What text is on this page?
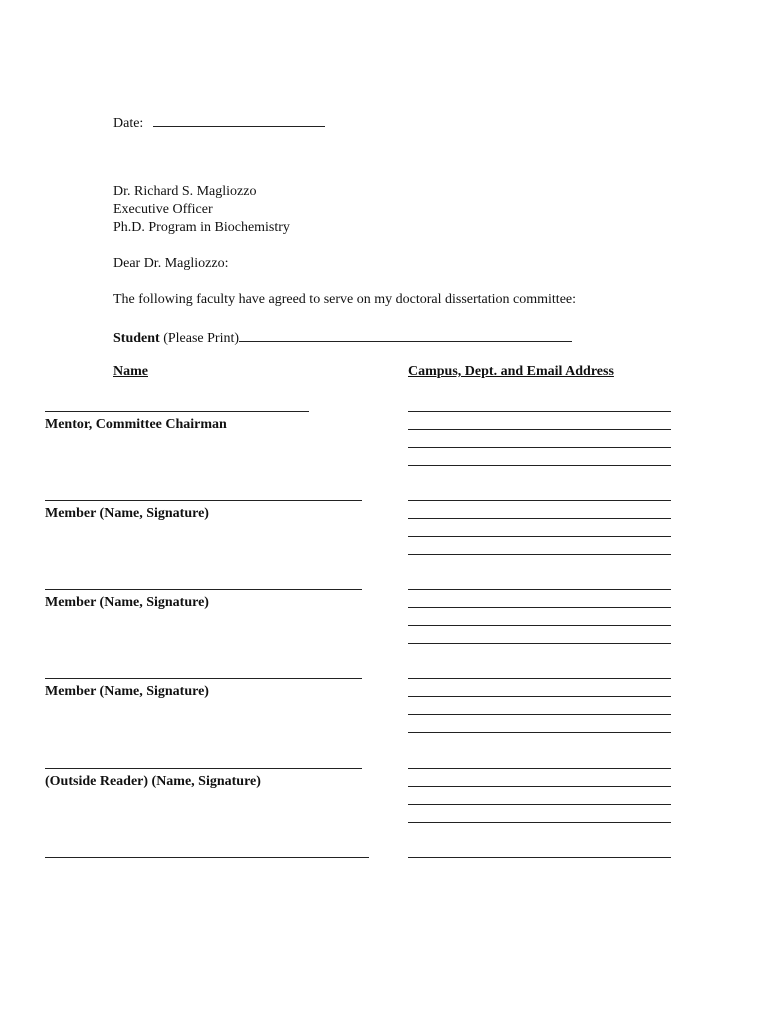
Date:
Dr. Richard S. Magliozzo
Executive Officer
Ph.D. Program in Biochemistry
Dear Dr. Magliozzo:
The following faculty have agreed to serve on my doctoral dissertation committee:
Student (Please Print)
Name	Campus, Dept. and Email Address
Mentor, Committee Chairman
Member (Name, Signature)
Member (Name, Signature)
Member (Name, Signature)
(Outside Reader) (Name, Signature)
